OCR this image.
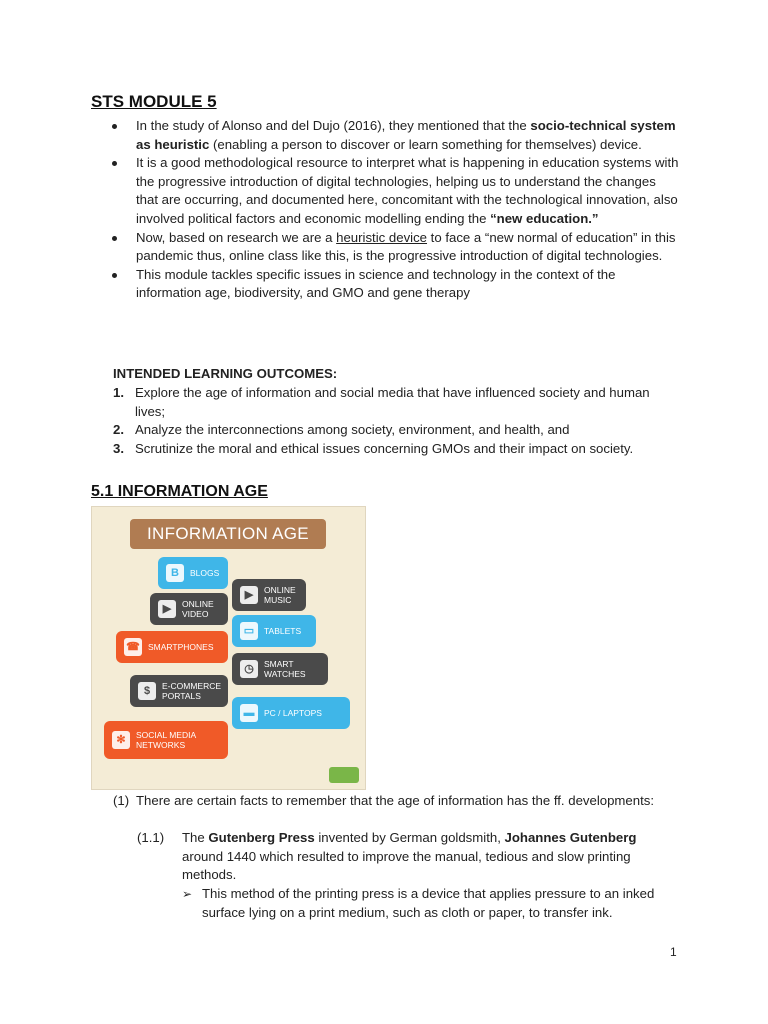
STS MODULE 5
In the study of Alonso and del Dujo (2016), they mentioned that the socio-technical system as heuristic (enabling a person to discover or learn something for themselves) device.
It is a good methodological resource to interpret what is happening in education systems with the progressive introduction of digital technologies, helping us to understand the changes that are occurring, and documented here, concomitant with the technological innovation, also involved political factors and economic modelling ending the “new education.”
Now, based on research we are a heuristic device to face a “new normal of education” in this pandemic thus, online class like this, is the progressive introduction of digital technologies.
This module tackles specific issues in science and technology in the context of the information age, biodiversity, and GMO and gene therapy

INTENDED LEARNING OUTCOMES:

1. Explore the age of information and social media that have influenced society and human lives;
2. Analyze the interconnections among society, environment, and health, and
3. Scrutinize the moral and ethical issues concerning GMOs and their impact on society.
5.1 INFORMATION AGE
INFORMATION AGE
B	BLOGS
▶	ONLINE VIDEO
▶	ONLINE MUSIC
▭	TABLETS
☎ SMARTPHONES
◷	SMART WATCHES
$	E-COMMERCE PORTALS
▬	PC / LAPTOPS
✻	SOCIAL MEDIA NETWORKS
(1) There are certain facts to remember that the age of information has the ff. developments:
(1.1)	The Gutenberg Press invented by German goldsmith, Johannes Gutenberg around 1440 which resulted to improve the manual, tedious and slow printing methods.
➢ This method of the printing press is a device that applies pressure to an inked surface lying on a print medium, such as cloth or paper, to transfer ink.
1
